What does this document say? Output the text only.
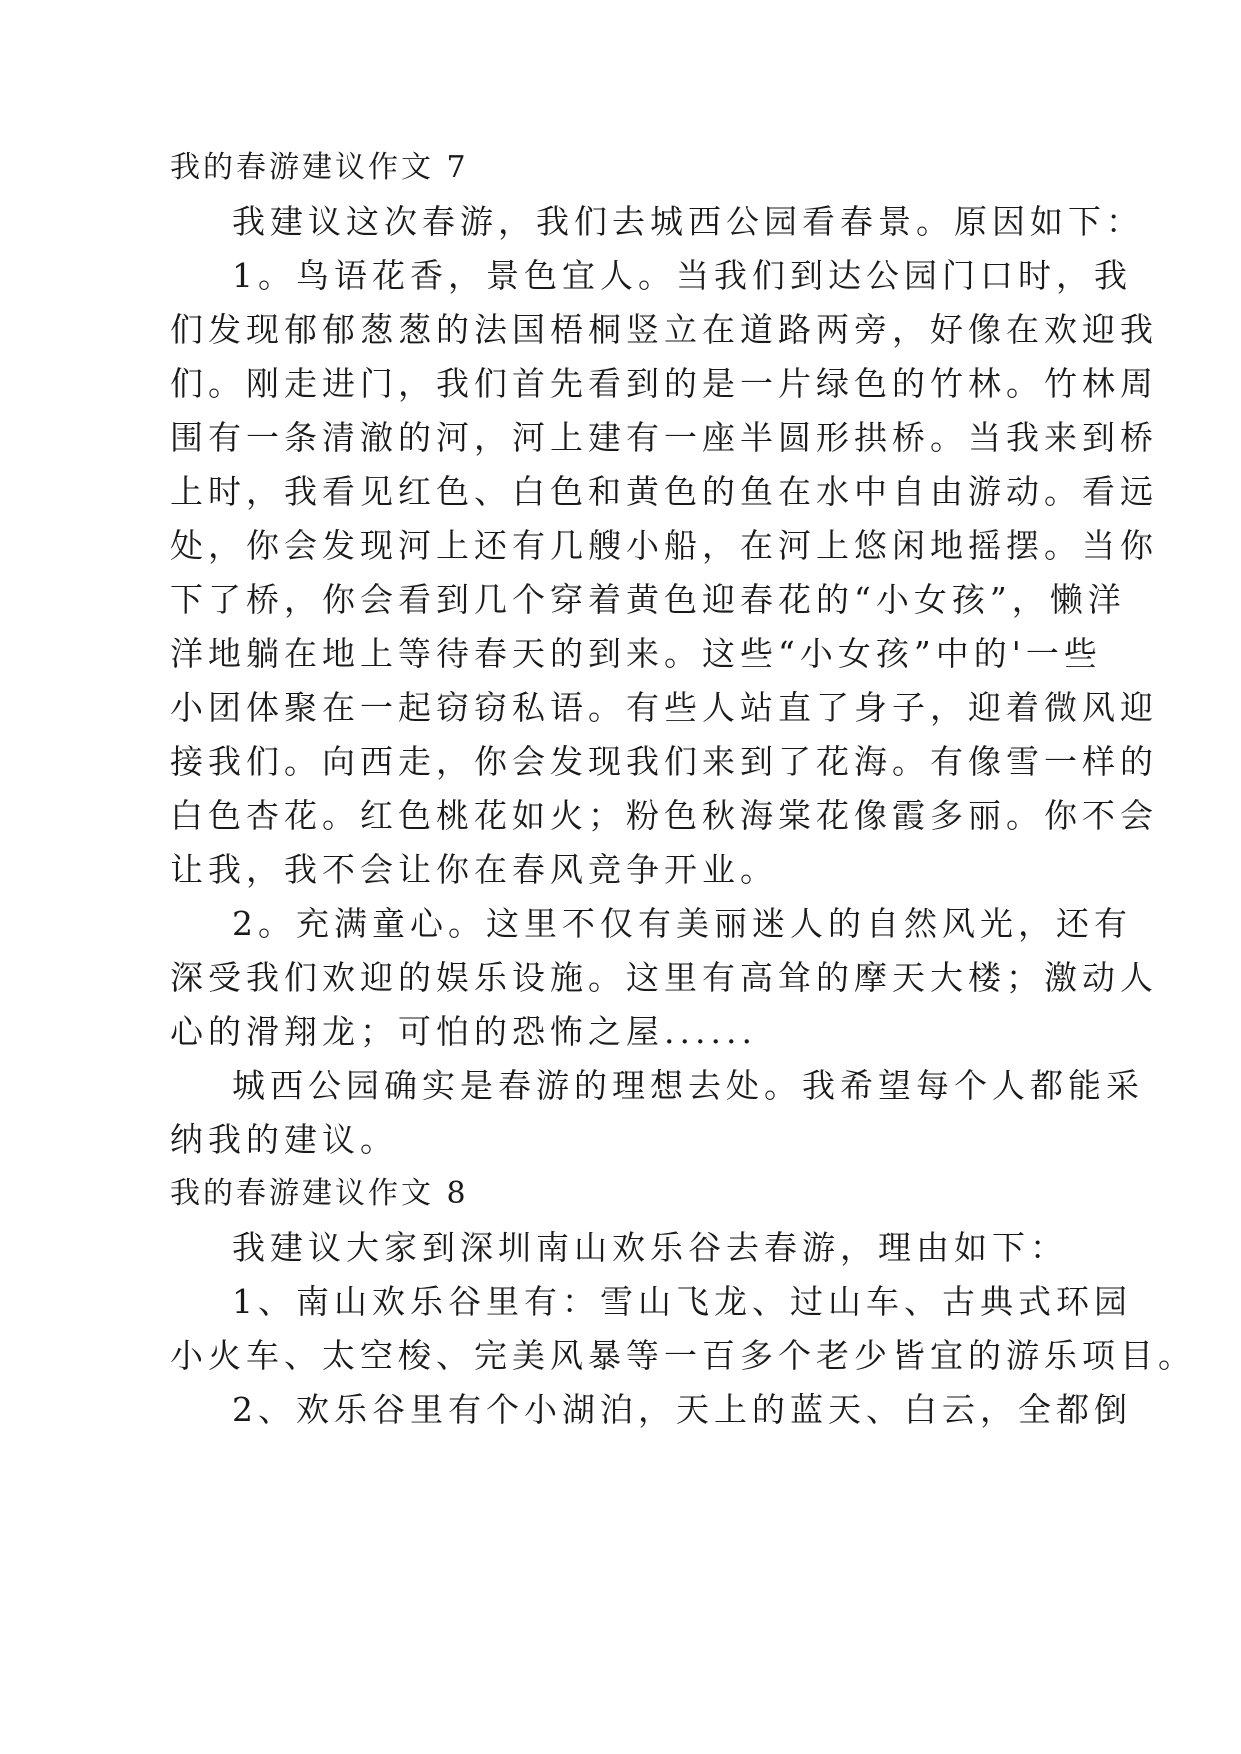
我的春游建议作文 7
我建议这次春游，我们去城西公园看春景。原因如下：
1。鸟语花香，景色宜人。当我们到达公园门口时，我
们发现郁郁葱葱的法国梧桐竖立在道路两旁，好像在欢迎我
们。刚走进门，我们首先看到的是一片绿色的竹林。竹林周
围有一条清澈的河，河上建有一座半圆形拱桥。当我来到桥
上时，我看见红色、白色和黄色的鱼在水中自由游动。看远
处，你会发现河上还有几艘小船，在河上悠闲地摇摆。当你
下了桥，你会看到几个穿着黄色迎春花的“小女孩”，懒洋
洋地躺在地上等待春天的到来。这些“小女孩”中的'一些
小团体聚在一起窃窃私语。有些人站直了身子，迎着微风迎
接我们。向西走，你会发现我们来到了花海。有像雪一样的
白色杏花。红色桃花如火；粉色秋海棠花像霞多丽。你不会
让我，我不会让你在春风竞争开业。
2。充满童心。这里不仅有美丽迷人的自然风光，还有
深受我们欢迎的娱乐设施。这里有高耸的摩天大楼；激动人
心的滑翔龙；可怕的恐怖之屋......
城西公园确实是春游的理想去处。我希望每个人都能采
纳我的建议。
我的春游建议作文 8
我建议大家到深圳南山欢乐谷去春游，理由如下：
1、南山欢乐谷里有：雪山飞龙、过山车、古典式环园
小火车、太空梭、完美风暴等一百多个老少皆宜的游乐项目。
2、欢乐谷里有个小湖泊，天上的蓝天、白云，全都倒
